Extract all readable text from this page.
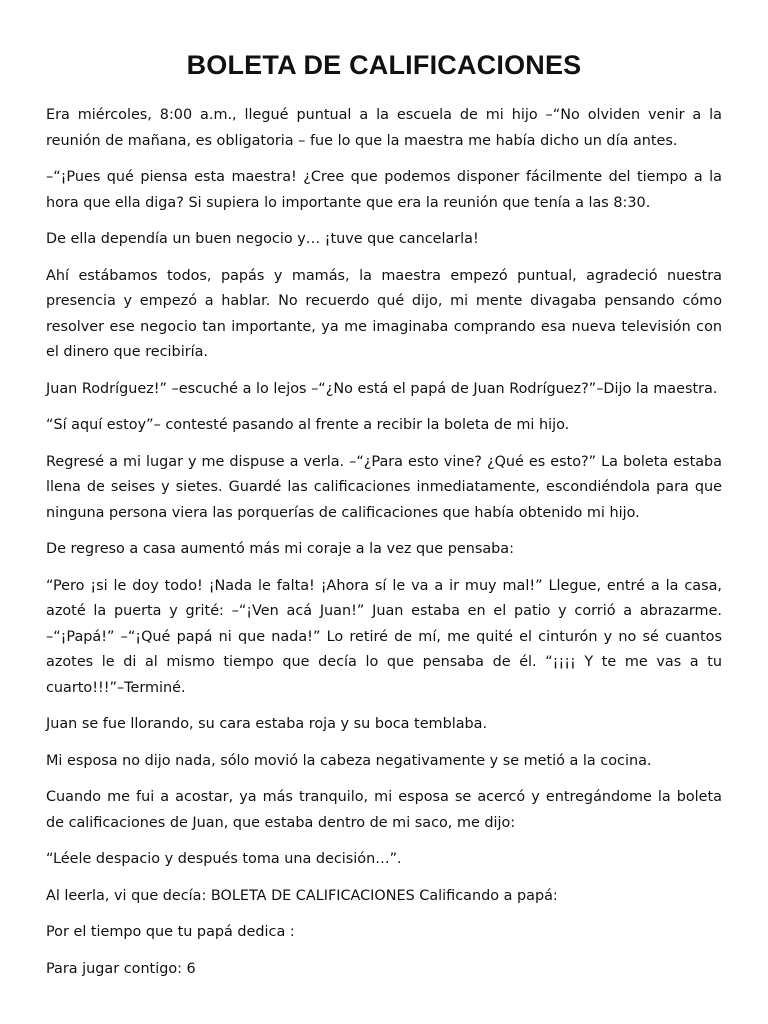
BOLETA DE CALIFICACIONES

Era miércoles, 8:00 a.m., llegué puntual a la escuela de mi hijo –“No olviden venir a la reunión de mañana, es obligatoria – fue lo que la maestra me había dicho un día antes.

–“¡Pues qué piensa esta maestra! ¿Cree que podemos disponer fácilmente del tiempo a la hora que ella diga? Si supiera lo importante que era la reunión que tenía a las 8:30.

De ella dependía un buen negocio y… ¡tuve que cancelarla!

Ahí estábamos todos, papás y mamás, la maestra empezó puntual, agradeció nuestra presencia y empezó a hablar. No recuerdo qué dijo, mi mente divagaba pensando cómo resolver ese negocio tan importante, ya me imaginaba comprando esa nueva televisión con el dinero que recibiría.

Juan Rodríguez!” –escuché a lo lejos –“¿No está el papá de Juan Rodríguez?”–Dijo la maestra.

“Sí aquí estoy”– contesté pasando al frente a recibir la boleta de mi hijo.

Regresé a mi lugar y me dispuse a verla. –“¿Para esto vine? ¿Qué es esto?” La boleta estaba llena de seises y sietes. Guardé las calificaciones inmediatamente, escondiéndola para que ninguna persona viera las porquerías de calificaciones que había obtenido mi hijo.

De regreso a casa aumentó más mi coraje a la vez que pensaba:

“Pero ¡si le doy todo! ¡Nada le falta! ¡Ahora sí le va a ir muy mal!” Llegue, entré a la casa, azoté la puerta y grité: –“¡Ven acá Juan!” Juan estaba en el patio y corrió a abrazarme. –“¡Papá!” –“¡Qué papá ni que nada!” Lo retiré de mí, me quité el cinturón y no sé cuantos azotes le di al mismo tiempo que decía lo que pensaba de él. “¡¡¡¡ Y te me vas a tu cuarto!!!”–Terminé.

Juan se fue llorando, su cara estaba roja y su boca temblaba.

Mi esposa no dijo nada, sólo movió la cabeza negativamente y se metió a la cocina.

Cuando me fui a acostar, ya más tranquilo, mi esposa se acercó y entregándome la boleta de calificaciones de Juan, que estaba dentro de mi saco, me dijo:

“Léele despacio y después toma una decisión…”.

Al leerla, vi que decía: BOLETA DE CALIFICACIONES Calificando a papá:

Por el tiempo que tu papá dedica :

Para jugar contigo: 6
